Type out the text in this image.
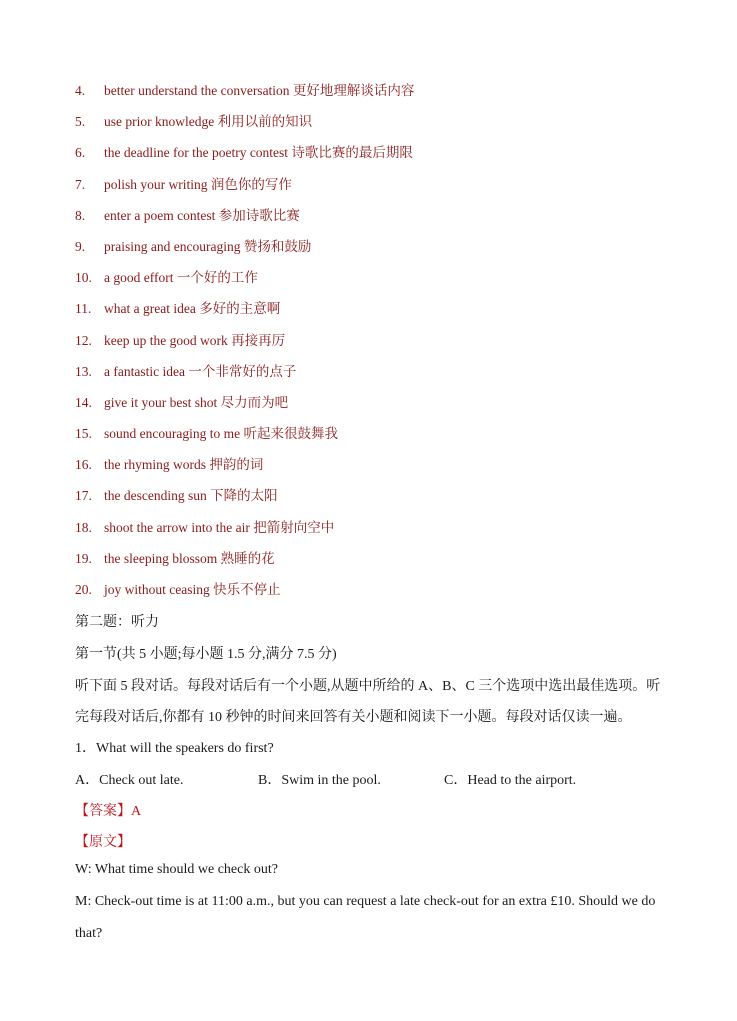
4. better understand the conversation 更好地理解谈话内容
5. use prior knowledge 利用以前的知识
6. the deadline for the poetry contest 诗歌比赛的最后期限
7. polish your writing 润色你的写作
8. enter a poem contest 参加诗歌比赛
9. praising and encouraging 赞扬和鼓励
10. a good effort 一个好的工作
11. what a great idea 多好的主意啊
12. keep up the good work 再接再厉
13. a fantastic idea 一个非常好的点子
14. give it your best shot 尽力而为吧
15. sound encouraging to me 听起来很鼓舞我
16. the rhyming words 押韵的词
17. the descending sun 下降的太阳
18. shoot the arrow into the air 把箭射向空中
19. the sleeping blossom 熟睡的花
20. joy without ceasing 快乐不停止
第二题：听力
第一节(共 5 小题;每小题 1.5 分,满分 7.5 分)
听下面 5 段对话。每段对话后有一个小题,从题中所给的 A、B、C 三个选项中选出最佳选项。听
完每段对话后,你都有 10 秒钟的时间来回答有关小题和阅读下一小题。每段对话仅读一遍。
1．What will the speakers do first?
A．Check out late.	B．Swim in the pool.	C．Head to the airport.
【答案】A
【原文】
W: What time should we check out?
M: Check-out time is at 11:00 a.m., but you can request a late check-out for an extra £10. Should we do
that?
